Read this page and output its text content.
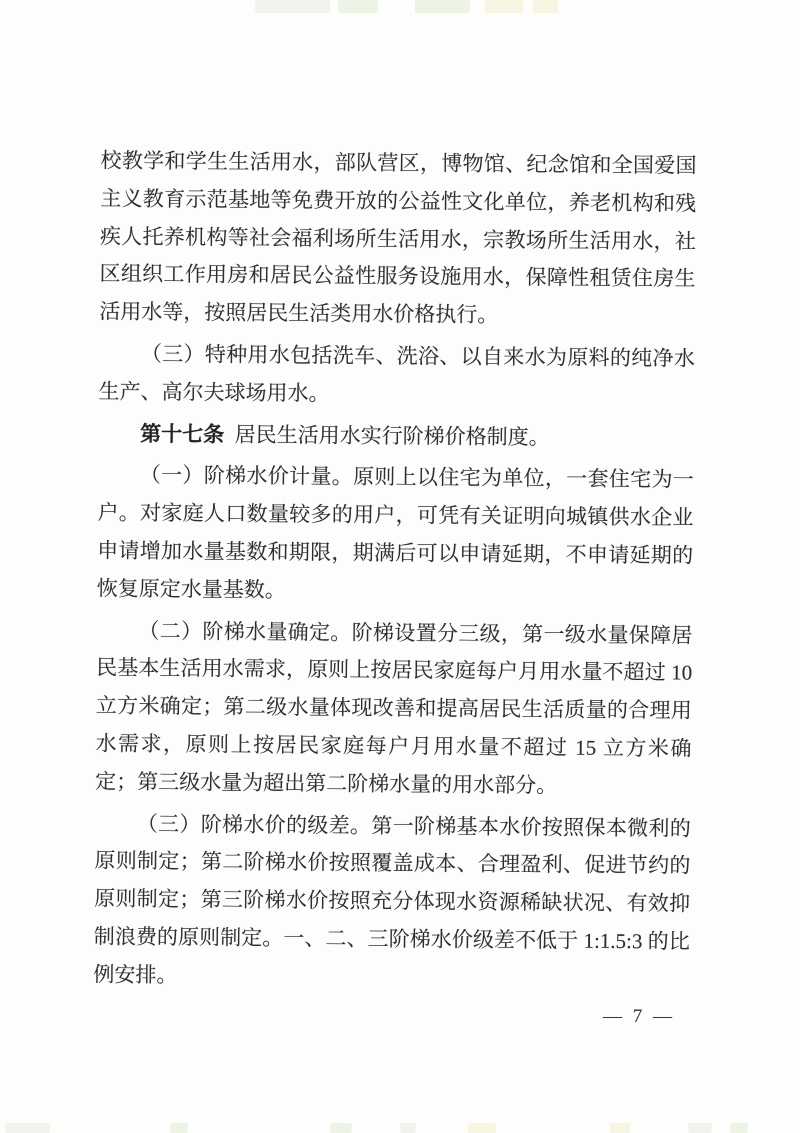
校教学和学生生活用水，部队营区，博物馆、纪念馆和全国爱国主义教育示范基地等免费开放的公益性文化单位，养老机构和残疾人托养机构等社会福利场所生活用水，宗教场所生活用水，社区组织工作用房和居民公益性服务设施用水，保障性租赁住房生活用水等，按照居民生活类用水价格执行。

（三）特种用水包括洗车、洗浴、以自来水为原料的纯净水生产、高尔夫球场用水。

第十七条  居民生活用水实行阶梯价格制度。

（一）阶梯水价计量。原则上以住宅为单位，一套住宅为一户。对家庭人口数量较多的用户，可凭有关证明向城镇供水企业申请增加水量基数和期限，期满后可以申请延期，不申请延期的恢复原定水量基数。

（二）阶梯水量确定。阶梯设置分三级，第一级水量保障居民基本生活用水需求，原则上按居民家庭每户月用水量不超过 10 立方米确定；第二级水量体现改善和提高居民生活质量的合理用水需求，原则上按居民家庭每户月用水量不超过 15 立方米确定；第三级水量为超出第二阶梯水量的用水部分。

（三）阶梯水价的级差。第一阶梯基本水价按照保本微利的原则制定；第二阶梯水价按照覆盖成本、合理盈利、促进节约的原则制定；第三阶梯水价按照充分体现水资源稀缺状况、有效抑制浪费的原则制定。一、二、三阶梯水价级差不低于 1:1.5:3 的比例安排。

— 7 —
